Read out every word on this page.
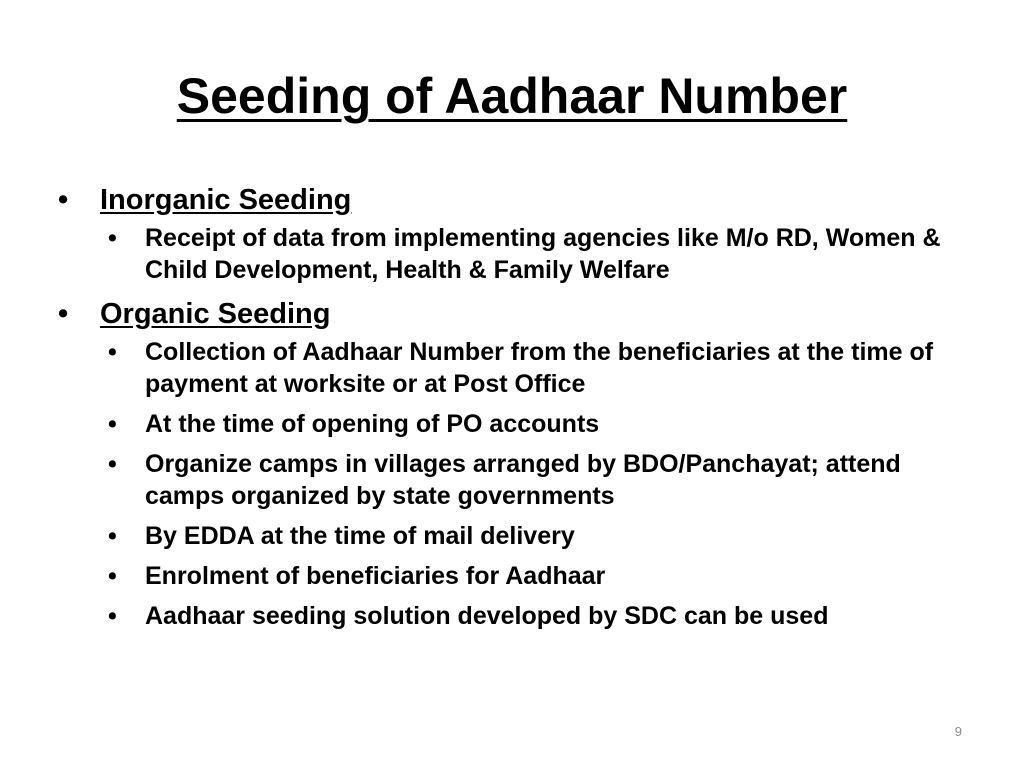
Seeding of Aadhaar Number
• Inorganic Seeding
• Receipt of data from implementing agencies like M/o RD, Women & Child Development, Health & Family Welfare
• Organic Seeding
• Collection of Aadhaar Number from the beneficiaries at the time of payment at worksite or at Post Office
• At the time of opening of PO accounts
• Organize camps in villages arranged by BDO/Panchayat; attend camps organized by state governments
• By EDDA at the time of mail delivery
• Enrolment of beneficiaries for Aadhaar
• Aadhaar seeding solution developed by SDC can be used
9
